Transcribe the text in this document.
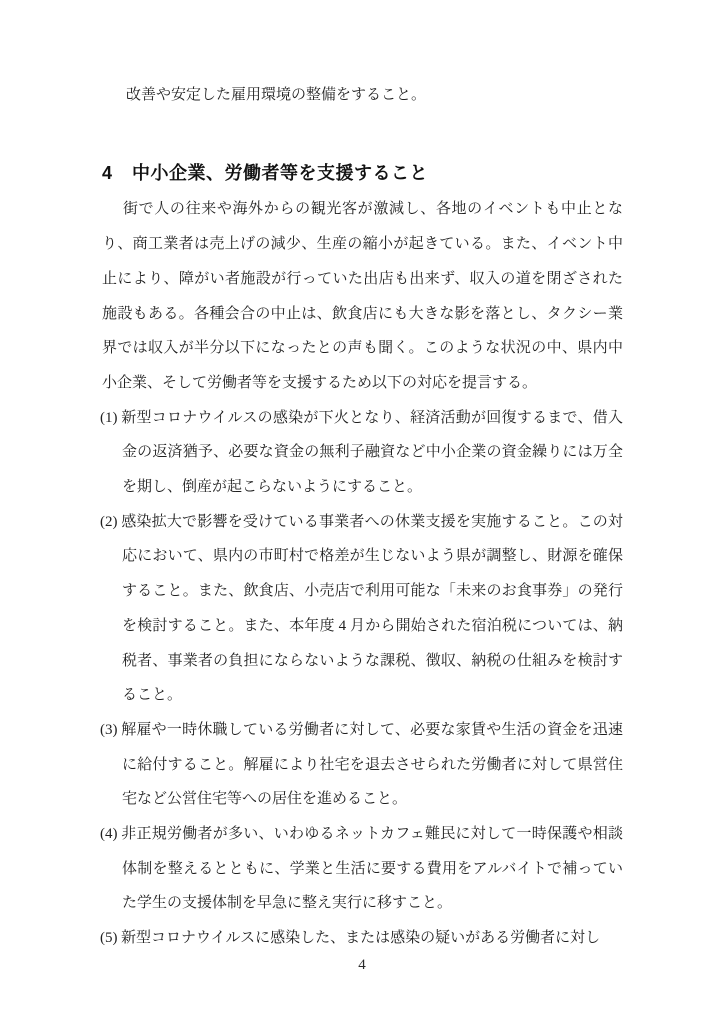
改善や安定した雇用環境の整備をすること。

4 中小企業、労働者等を支援すること

街で人の往来や海外からの観光客が激減し、各地のイベントも中止となり、商工業者は売上げの減少、生産の縮小が起きている。また、イベント中止により、障がい者施設が行っていた出店も出来ず、収入の道を閉ざされた施設もある。各種会合の中止は、飲食店にも大きな影を落とし、タクシー業界では収入が半分以下になったとの声も聞く。このような状況の中、県内中小企業、そして労働者等を支援するため以下の対応を提言する。

(1) 新型コロナウイルスの感染が下火となり、経済活動が回復するまで、借入金の返済猶予、必要な資金の無利子融資など中小企業の資金繰りには万全を期し、倒産が起こらないようにすること。
(2) 感染拡大で影響を受けている事業者への休業支援を実施すること。この対応において、県内の市町村で格差が生じないよう県が調整し、財源を確保すること。また、飲食店、小売店で利用可能な「未来のお食事券」の発行を検討すること。また、本年度 4 月から開始された宿泊税については、納税者、事業者の負担にならないような課税、徴収、納税の仕組みを検討すること。
(3) 解雇や一時休職している労働者に対して、必要な家賃や生活の資金を迅速に給付すること。解雇により社宅を退去させられた労働者に対して県営住宅など公営住宅等への居住を進めること。
(4) 非正規労働者が多い、いわゆるネットカフェ難民に対して一時保護や相談体制を整えるとともに、学業と生活に要する費用をアルバイトで補っていた学生の支援体制を早急に整え実行に移すこと。
(5) 新型コロナウイルスに感染した、または感染の疑いがある労働者に対し
4
